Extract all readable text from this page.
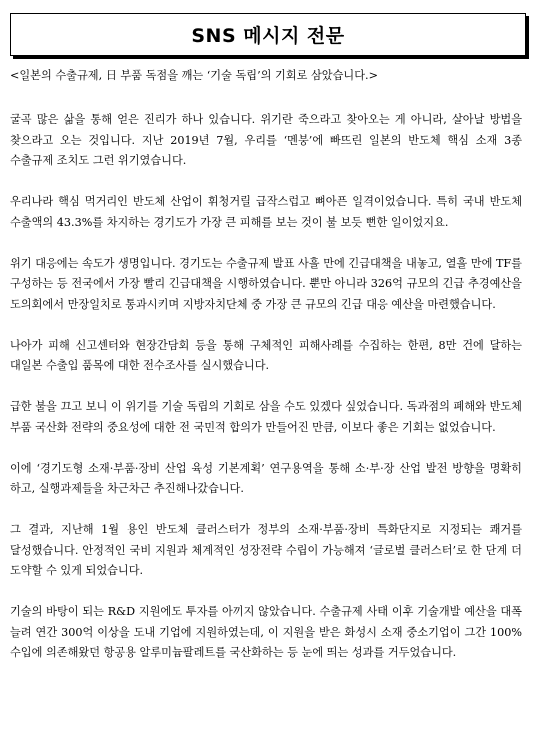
SNS 메시지 전문
<일본의 수출규제, 日 부품 독점을 깨는 ‘기술 독립’의 기회로 삼았습니다.>

굴곡 많은 삶을 통해 얻은 진리가 하나 있습니다. 위기란 죽으라고 찾아오는 게 아니라, 살아날 방법을 찾으라고 오는 것입니다. 지난 2019년 7월, 우리를 ‘멘붕’에 빠뜨린 일본의 반도체 핵심 소재 3종 수출규제 조치도 그런 위기였습니다.

우리나라 핵심 먹거리인 반도체 산업이 휘청거릴 급작스럽고 뼈아픈 일격이었습니다. 특히 국내 반도체 수출액의 43.3%를 차지하는 경기도가 가장 큰 피해를 보는 것이 불 보듯 뻔한 일이었지요.

위기 대응에는 속도가 생명입니다. 경기도는 수출규제 발표 사흘 만에 긴급대책을 내놓고, 열흘 만에 TF를 구성하는 등 전국에서 가장 빨리 긴급대책을 시행하였습니다. 뿐만 아니라 326억 규모의 긴급 추경예산을 도의회에서 만장일치로 통과시키며 지방자치단체 중 가장 큰 규모의 긴급 대응 예산을 마련했습니다.

나아가 피해 신고센터와 현장간담회 등을 통해 구체적인 피해사례를 수집하는 한편, 8만 건에 달하는 대일본 수출입 품목에 대한 전수조사를 실시했습니다.

급한 불을 끄고 보니 이 위기를 기술 독립의 기회로 삼을 수도 있겠다 싶었습니다. 독과점의 폐해와 반도체 부품 국산화 전략의 중요성에 대한 전 국민적 합의가 만들어진 만큼, 이보다 좋은 기회는 없었습니다.

이에 ‘경기도형 소재·부품·장비 산업 육성 기본계획’ 연구용역을 통해 소·부·장 산업 발전 방향을 명확히 하고, 실행과제들을 차근차근 추진해나갔습니다.

그 결과, 지난해 1월 용인 반도체 클러스터가 정부의 소재·부품·장비 특화단지로 지정되는 쾌거를 달성했습니다. 안정적인 국비 지원과 체계적인 성장전략 수립이 가능해져 ‘글로벌 클러스터’로 한 단계 더 도약할 수 있게 되었습니다.

기술의 바탕이 되는 R&D 지원에도 투자를 아끼지 않았습니다. 수출규제 사태 이후 기술개발 예산을 대폭 늘려 연간 300억 이상을 도내 기업에 지원하였는데, 이 지원을 받은 화성시 소재 중소기업이 그간 100% 수입에 의존해왔던 항공용 알루미늄팔레트를 국산화하는 등 눈에 띄는 성과를 거두었습니다.
